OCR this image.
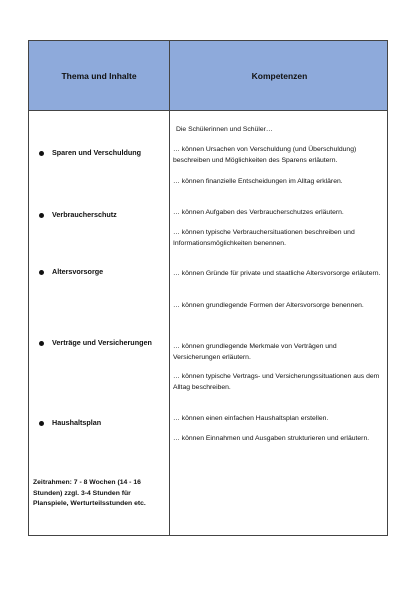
Thema und Inhalte	Kompetenzen
Sparen und Verschuldung
Verbraucherschutz
Altersvorsorge
Verträge und Versicherungen
Haushaltsplan
Zeitrahmen: 7 - 8 Wochen (14 - 16 Stunden) zzgl. 3-4 Stunden für Planspiele, Werturteilsstunden etc.
Die Schülerinnen und Schüler…
… können Ursachen von Verschuldung (und Überschuldung) beschreiben und Möglichkeiten des Sparens erläutern.
… können finanzielle Entscheidungen im Alltag erklären.
… können Aufgaben des Verbraucherschutzes erläutern.
… können typische Verbrauchersituationen beschreiben und Informationsmöglichkeiten benennen.
… können Gründe für private und staatliche Altersvorsorge erläutern.
… können grundlegende Formen der Altersvorsorge benennen.
… können grundlegende Merkmale von Verträgen und Versicherungen erläutern.
… können typische Vertrags- und Versicherungssituationen aus dem Alltag beschreiben.
… können einen einfachen Haushaltsplan erstellen.
… können Einnahmen und Ausgaben strukturieren und erläutern.
